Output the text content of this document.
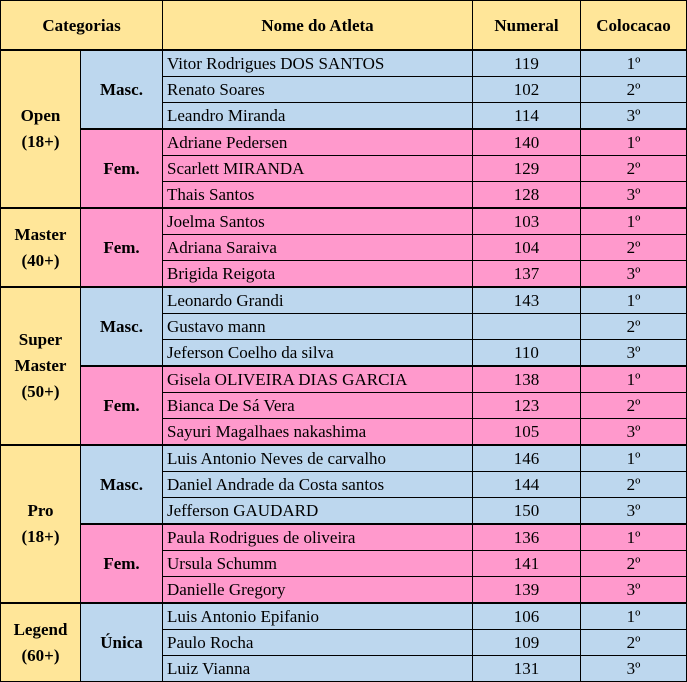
Categorias		Nome do Atleta	Numeral	Colocacao
Open
(18+)	Masc.	Vitor Rodrigues DOS SANTOS	119	1º
		Renato Soares	102	2º
		Leandro Miranda	114	3º
	Fem.	Adriane Pedersen	140	1º
		Scarlett MIRANDA	129	2º
		Thais Santos	128	3º
Master
(40+)	Fem.	Joelma Santos	103	1º
		Adriana Saraiva	104	2º
		Brigida Reigota	137	3º
Super
Master
(50+)	Masc.	Leonardo Grandi	143	1º
		Gustavo mann		2º
		Jeferson Coelho da silva	110	3º
	Fem.	Gisela OLIVEIRA DIAS GARCIA	138	1º
		Bianca De Sá Vera	123	2º
		Sayuri Magalhaes nakashima	105	3º
Pro
(18+)	Masc.	Luis Antonio Neves de carvalho	146	1º
		Daniel Andrade da Costa santos	144	2º
		Jefferson GAUDARD	150	3º
	Fem.	Paula Rodrigues de oliveira	136	1º
		Ursula Schumm	141	2º
		Danielle Gregory	139	3º
Legend
(60+)	Única	Luis Antonio Epifanio	106	1º
		Paulo Rocha	109	2º
		Luiz Vianna	131	3º
